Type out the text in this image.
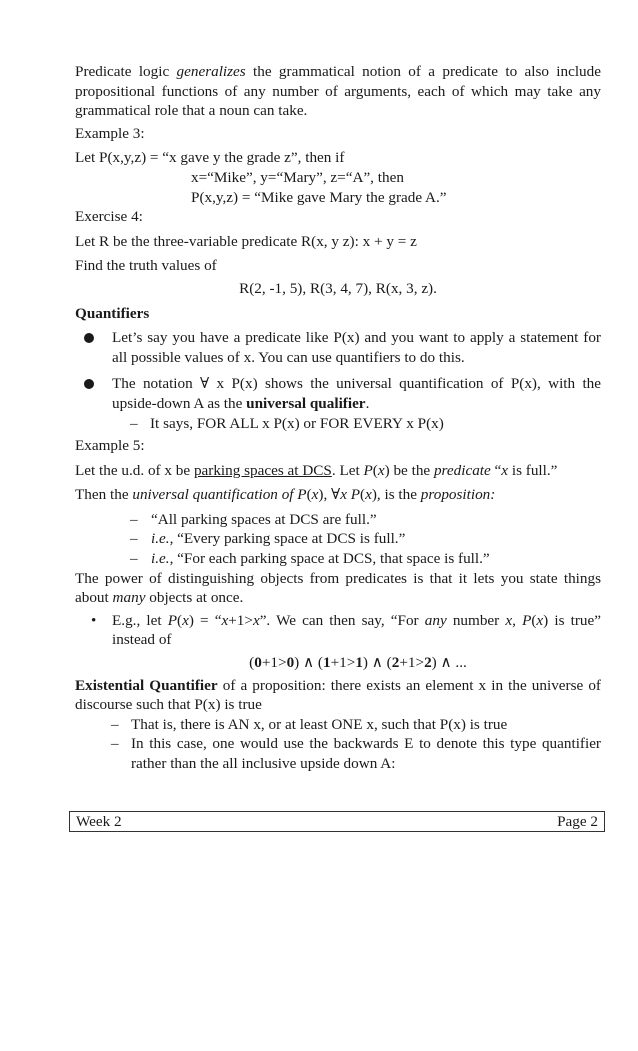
Predicate logic generalizes the grammatical notion of a predicate to also include propositional functions of any number of arguments, each of which may take any grammatical role that a noun can take.

Example 3:

Let P(x,y,z) = “x gave y the grade z”, then if

x=“Mike”, y=“Mary”, z=“A”, then

P(x,y,z) = “Mike gave Mary the grade A.”

Exercise 4:

Let R be the three-variable predicate R(x, y z): x + y = z

Find the truth values of

R(2, -1, 5), R(3, 4, 7), R(x, 3, z).

Quantifiers

Let’s say you have a predicate like P(x) and you want to apply a statement for all possible values of x. You can use quantifiers to do this.
The notation ∀ x P(x) shows the universal quantification of P(x), with the upside-down A as the universal qualifier.
– It says, FOR ALL x P(x) or FOR EVERY x P(x)

Example 5:

Let the u.d. of x be parking spaces at DCS. Let P(x) be the predicate “x is full.”

Then the universal quantification of P(x), ∀x P(x), is the proposition:

– “All parking spaces at DCS are full.”
– i.e., “Every parking space at DCS is full.”
– i.e., “For each parking space at DCS, that space is full.”

The power of distinguishing objects from predicates is that it lets you state things about many objects at once.

• E.g., let P(x) = “x+1>x”. We can then say, “For any number x, P(x) is true” instead of

(0+1>0) ∧ (1+1>1) ∧ (2+1>2) ∧ ...

Existential Quantifier of a proposition: there exists an element x in the universe of discourse such that P(x) is true

– That is, there is AN x, or at least ONE x, such that P(x) is true
– In this case, one would use the backwards E to denote this type quantifier rather than the all inclusive upside down A:
Week 2	Page 2
